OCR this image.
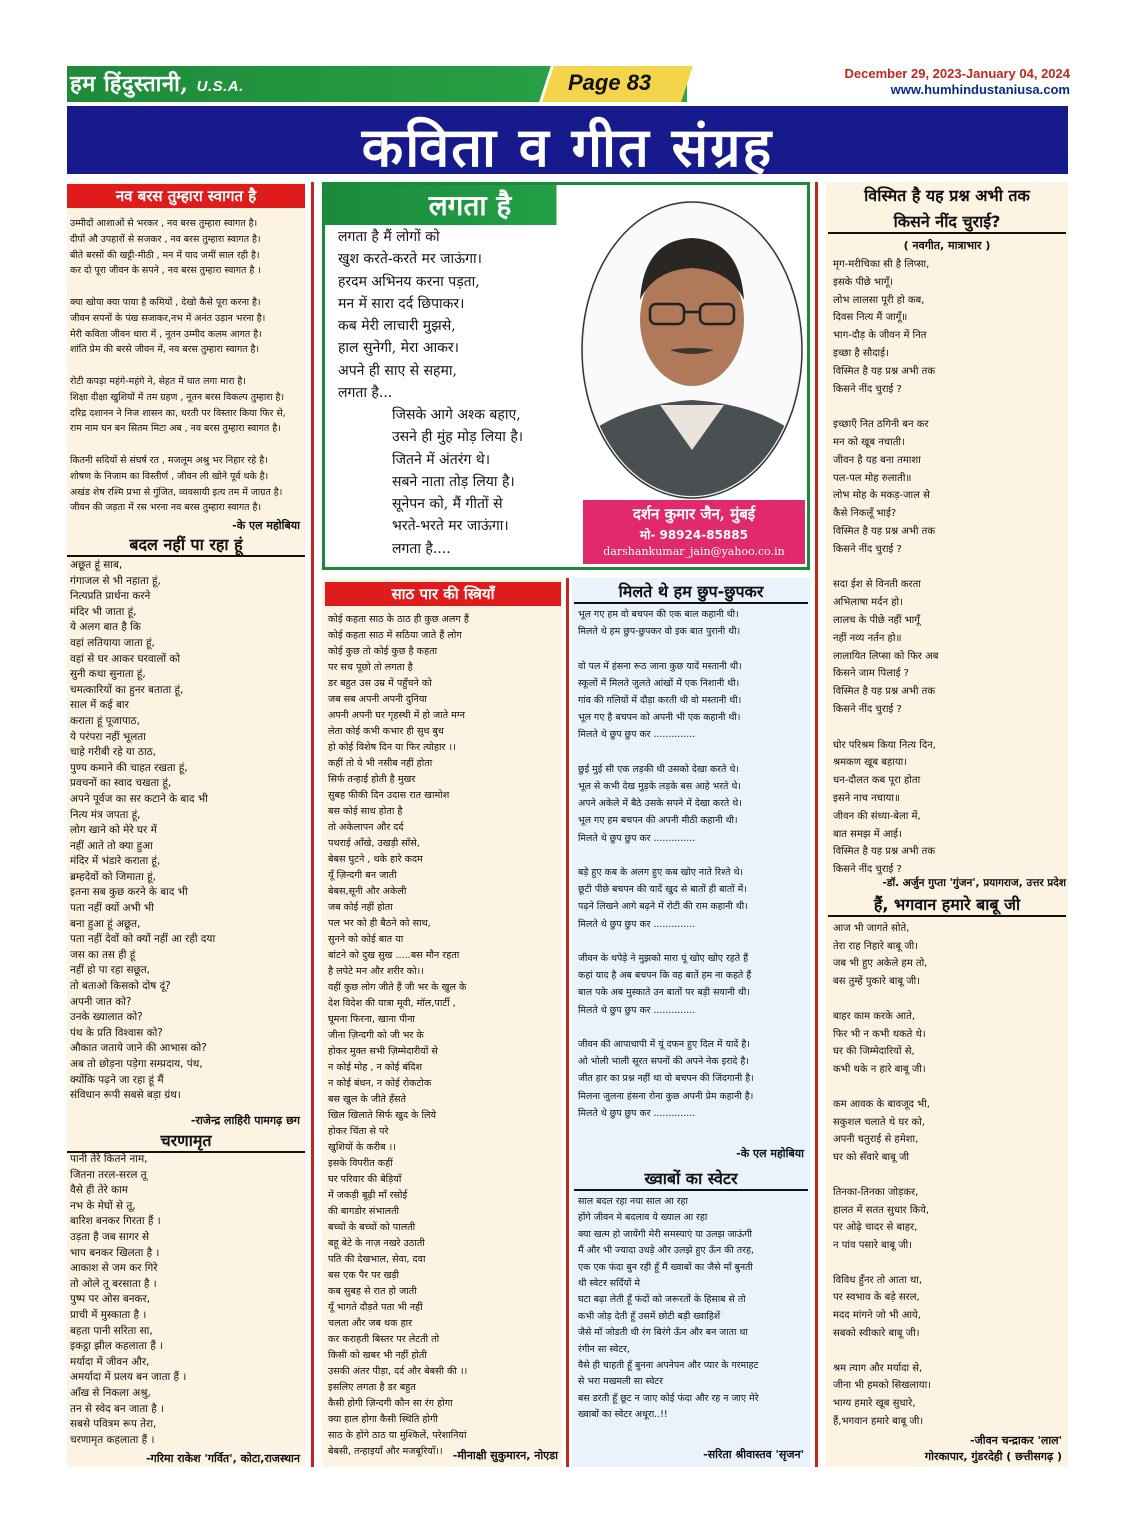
हम हिंदुस्तानी, U.S.A.	Page 83	December 29, 2023-January 04, 2024
www.humhindustaniusa.com
कविता व गीत संग्रह
नव बरस तुम्हारा स्वागत है
उम्मीदों आशाओं से भरकर , नव बरस तुम्हारा स्वागत है।
दीपों औ उपहारों से सजकर , नव बरस तुम्हारा स्वागत है।
बीते बरसों की खट्टी-मीठी , मन में याद जमीं साल रही है।
कर दो पूरा जीवन के सपने , नव बरस तुम्हारा स्वागत है ।

क्या खोया क्या पाया है कमियों , देखो कैसे पूरा करना है।
जीवन सपनों के पंख सजाकर,नभ में अनंत उड़ान भरना है।
मेरी कविता जीवन धारा में , नूतन उम्मीद कलम आगत है।
शांति प्रेम की बरसे जीवन में, नव बरस तुम्हारा स्वागत है।

रोटी कपड़ा महंगे-महंगे ने, सेहत में घात लगा मारा है।
शिक्षा दीक्षा खुशियों में तम ग्रहण , नूतन बरस विकल्प तुम्हारा है।
दरिद्र दशानन ने निज शासन का, धरती पर विस्तार किया फिर से,
राम नाम घन बन सितम मिटा अब , नव बरस तुम्हारा स्वागत है।

कितनी सदियों से संघर्ष रत , मजलूम अश्रु भर निहार रहे है।
शोषण के निजाम का विस्तीर्ण , जीवन ली खोने पूर्व थके है।
अखंड शेष रश्मि प्रभा से गुंजित, व्यवसायी इत्य तम में जाग्रत है।
जीवन की जड़ता में रस भरना नव बरस तुम्हारा स्वागत है।
-के एल महोबिया
बदल नहीं पा रहा हूं
अछूत हूं साब,
गंगाजल से भी नहाता हूं,
नित्यप्रति प्रार्थना करने
मंदिर भी जाता हूं,
ये अलग बात है कि
वहां लतियाया जाता हूं,
वहां से घर आकर घरवालों को
सुनी कथा सुनाता हूं,
चमत्कारियों का हुनर बताता हूं,
साल में कई बार
कराता हूं पूजापाठ,
ये परंपरा नहीं भूलता
चाहे गरीबी रहे या ठाठ,
पुण्य कमाने की चाहत रखता हूं,
प्रवचनों का स्वाद चखता हूं,
अपने पूर्वज का सर कटाने के बाद भी
नित्य मंत्र जपता हूं,
लोग खाने को मेरे घर में
नहीं आते तो क्या हुआ
मंदिर में भंडारे कराता हूं,
ब्रम्हदेवों को जिमाता हूं,
इतना सब कुछ करने के बाद भी
पता नहीं क्यों अभी भी
बना हुआ हूं अछूत,
पता नहीं देवों को क्यों नहीं आ रही दया
जस का तस ही हूं
नहीं हो पा रहा सछूत,
तो बताओ किसको दोष दूं?
अपनी जात को?
उनके ख्यालात को?
पंथ के प्रति विश्वास को?
औकात जताये जाने की आभास को?
अब तो छोड़ना पड़ेगा सम्प्रदाय, पंथ,
क्योंकि पढ़ने जा रहा हूं मैं
संविधान रूपी सबसे बड़ा ग्रंथ।
-राजेन्द्र लाहिरी पामगढ़ छग
चरणामृत
पानी तेरे कितने नाम,
जितना तरल-सरल तू
वैसे ही तेरे काम
नभ के मेघों से तू,
बारिश बनकर गिरता हैं ।
उड़ता है जब सागर से
भाप बनकर खिलता है ।
आकाश से जम कर गिरे
तो ओले तू बरसाता है ।
पुष्प पर ओस बनकर,
प्राची में मुस्काता है ।
बहता पानी सरिता सा,
इकट्ठा झील कहलाता हैं ।
मर्यादा में जीवन और,
अमर्यादा में प्रलय बन जाता हैं ।
आँख से निकला अश्रु,
तन से स्वेद बन जाता है ।
सबसे पवित्रम रूप तेरा,
चरणामृत कहलाता हैं ।
-गरिमा राकेश 'गर्वित', कोटा,राजस्थान
लगता है
लगता है मैं लोगों को
खुश करते-करते मर जाऊंगा।
हरदम अभिनय करना पड़ता,
मन में सारा दर्द छिपाकर।
कब मेरी लाचारी मुझसे,
हाल सुनेगी, मेरा आकर।
अपने ही साए से सहमा,
लगता है...
जिसके आगे अश्क बहाए,
उसने ही मुंह मोड़ लिया है।
जितने में अंतरंग थे।
सबने नाता तोड़ लिया है।
सूनेपन को, मैं गीतों से
भरते-भरते मर जाऊंगा।
लगता है....
दर्शन कुमार जैन, मुंबई
मो- 98924-85885
darshankumar_jain@yahoo.co.in
साठ पार की स्त्रियाँ
कोई कहता साठ के ठाठ ही कुछ अलग हैं
कोई कहता साठ में सठिया जाते हैं लोग
कोई कुछ तो कोई कुछ है कहता
पर सच पूछो तो लगता है
डर बहुत उस उम्र में पहुँचने को
जब सब अपनी अपनी दुनिया
अपनी अपनी घर गृहस्थी में हो जाते मग्न
लेता कोई कभी कभार ही सुध बुध
हो कोई विशेष दिन या फिर त्योहार ।।
कहीं तो ये भी नसीब नहीं होता
सिर्फ तन्हाई होती है मुखर
सुबह फीकी दिन उदास रात खामोश
बस कोई साथ होता है
तो अकेलापन और दर्द
पथराई आँखे, उखड़ी साँसे,
बेबस घुटने , थके हारे कदम
यूँ ज़िन्दगी बन जाती
बेबस,सूनी और अकेली
जब कोई नहीं होता
पल भर को ही बैठने को साथ,
सुनने को कोई बात या
बांटने को दुख सुख .....बस मौन रहता
है लपेटे मन और शरीर को।।
वहीं कुछ लोग जीते हैं जी भर के खुल के
देश विदेश की यात्रा मूवी, मॉल,पार्टी ,
घूमना फिरना, खाना पीना
जीना ज़िन्दगी को जी भर के
होकर मुक्त सभी ज़िम्मेदारीयों से
न कोई मोह , न कोई बंदिश
न कोई बंधन, न कोई रोकटोक
बस खुल के जीते हँसते
खिल खिलाते सिर्फ खुद के लिये
होकर चिंता से परे
खुशियों के करीब ।।
इसके विपरीत कहीं
घर परिवार की बेड़ियाँ
में जकड़ी बूढ़ी माँ रसोई
की बागडोर संभालती
बच्चों के बच्चों को पालती
बहू बेटे के नाज़ नखरे उठाती
पति की देखभाल, सेवा, दवा
बस एक पैर पर खड़ी
कब सुबह से रात हो जाती
यूँ भागते दौड़ते पता भी नहीं
चलता और जब थक हार
कर कराहती बिस्तर पर लेटती तो
किसी को खबर भी नहीं होती
उसकी अंतर पीड़ा, दर्द और बेबसी की ।।
इसलिए लगता है डर बहुत
कैसी होगी ज़िन्दगी कौन सा रंग होगा
क्या हाल होगा कैसी स्थिति होगी
साठ के होंगे ठाठ या मुश्किलें, परेशानियां
बेबसी, तन्हाइयाँ और मजबूरियाँ।। -मीनाक्षी सुकुमारन, नोएडा
मिलते थे हम छुप-छुपकर
भूल गए हम वो बचपन की एक बाल कहानी थी।
मिलते थे हम छुप-छुपकर वो इक बात पुरानी थी।

वो पल में हंसना रूठ जाना कुछ यादें मस्तानी थी।
स्कूलों में मिलते जुलते आंखों में एक निशानी थी।
गांव की गलियों में दौड़ा करती थी वो मस्तानी थी।
भूल गए है बचपन को अपनी भी एक कहानी थी।
मिलते थे छुप छुप कर ..............

छुई मुई सी एक लड़की थी उसको देखा करते थे।
भूल से कभी देख मुड़के लड़के बस आहे भरते थे।
अपने अकेले में बैठे उसके सपने में देखा करते थे।
भूल गए हम बचपन की अपनी मीठी कहानी थी।
मिलते थे छुप छुप कर ..............

बड़े हुए कब के अलग हुए कब खोए नाते रिश्ते थे।
छूटी पीछे बचपन की यादें खुद से बातों ही बातों में।
पढ़ने लिखने आगे बढ़ने में रोटी की राम कहानी थी।
मिलते थे छुप छुप कर ..............

जीवन के थपेड़े ने मुझको मारा यूं खोए खोए रहते हैं
कहां याद है अब बचपन कि वह बातें हम ना कहते हैं
बाल पके अब मुस्काते उन बातों पर बड़ी सयानी थी।
मिलते थे छुप छुप कर ..............

जीवन की आपाधापी में यूं दफन हुए दिल में यादें है।
ओ भोली भाली सूरत सपनों की अपने नेक इरादे है।
जीत हार का प्रश्न नहीं था वो बचपन की जिंदगानी है।
मिलना जुलना हंसना रोना कुछ अपनी प्रेम कहानी है।
मिलते थे छुप छुप कर ..............
-के एल महोबिया
ख्वाबों का स्वेटर
साल बदल रहा नया साल आ रहा
होंगे जीवन मे बदलाव ये ख्याल आ रहा
क्या खत्म हो जायेंगी मेरी समस्याएं या उलझ जाऊंगी
मैं और भी ज्यादा उधड़े और उलझे हुए ऊँन की तरह,
एक एक फंदा बुन रही हूँ मैं ख्वाबों का जैसे माँ बुनती
थी स्वेटर सर्दियों मे
घटा बढ़ा लेती हूँ फंदों को जरूरतों के हिसाब से तो
कभी जोड़ देती हूँ उसमें छोटी बड़ी ख्वाहिशें
जैसे माँ जोडती थी रंग बिरंगे ऊँन और बन जाता था
रंगीन सा स्वेटर,
वैसे ही चाहती हूँ बुनना अपनेपन और प्यार के गरमाहट
से भरा मखमली सा स्वेटर
बस डरती हूँ छूट न जाए कोई फंदा और रह न जाए मेरे
ख्वाबों का स्वेटर अधूरा..!!
-सरिता श्रीवास्तव 'सृजन'
विस्मित है यह प्रश्न अभी तक
किसने नींद चुराई?
( नवगीत, मात्राभार )
मृग-मरीचिका सी है लिप्सा,
इसके पीछे भागूँ।
लोभ लालसा पूरी हो कब,
दिवस नित्य मैं जागूँ॥
भाग-दौड़ के जीवन में नित
इच्छा है सौदाई।
विस्मित है यह प्रश्न अभी तक
किसने नींद चुराई ?

इच्छाएँ नित ठगिनी बन कर
मन को खूब नचाती।
जीवन है यह बना तमाशा
पल-पल मोह रुलाती॥
लोभ मोह के मकड़-जाल से
कैसे निकलूँ भाई?
विस्मित है यह प्रश्न अभी तक
किसने नींद चुराई ?

सदा ईश से विनती करता
अभिलाषा मर्दन हो।
लालच के पीछे नहीं भागूँ
नहीं नव्य नर्तन हो॥
लालायित लिप्सा को फिर अब
किसने जाम पिलाई ?
विस्मित है यह प्रश्न अभी तक
किसने नींद चुराई ?

घोर परिश्रम किया नित्य दिन,
श्रमकण खूब बहाया।
धन-दौलत कब पूरा होता
इसने नाच नचाया॥
जीवन की संध्या-बेला में,
बात समझ में आई।
विस्मित है यह प्रश्न अभी तक
किसने नींद चुराई ?
-डॉ. अर्जुन गुप्ता 'गुंजन', प्रयागराज, उत्तर प्रदेश
हैं, भगवान हमारे बाबू जी
आज भी जागते सोते,
तेरा राह निहारे बाबू जी।
जब भी हुए अकेले हम तो,
बस तुम्हें पुकारे बाबू जी।

बाहर काम करके आते,
फिर भी न कभी थकते थे।
घर की जिम्मेदारियों से,
कभी थके न हारे बाबू जी।

कम आवक के बावजूद भी,
सकुशल चलाते थे घर को,
अपनी चतुराई से हमेशा,
घर को सँवारे बाबू जी

तिनका-तिनका जोड़कर,
हालत में सतत सुधार किये,
पर ओढ़े चादर से बाहर,
न पांव पसारे बाबू जी।

विविध हुँनर तो आता था,
पर स्वभाव के बड़े सरल,
मदद मांगने जो भी आये,
सबको स्वीकारे बाबू जी।

श्रम त्याग और मर्यादा से,
जीना भी हमको सिखलाया।
भाग्य हमारे खूब सुधारे,
हैं,भगवान हमारे बाबू जी।
-जीवन चन्द्राकर 'लाल'
गोरकापार, गुंडरदेही ( छत्तीसगढ़ )
